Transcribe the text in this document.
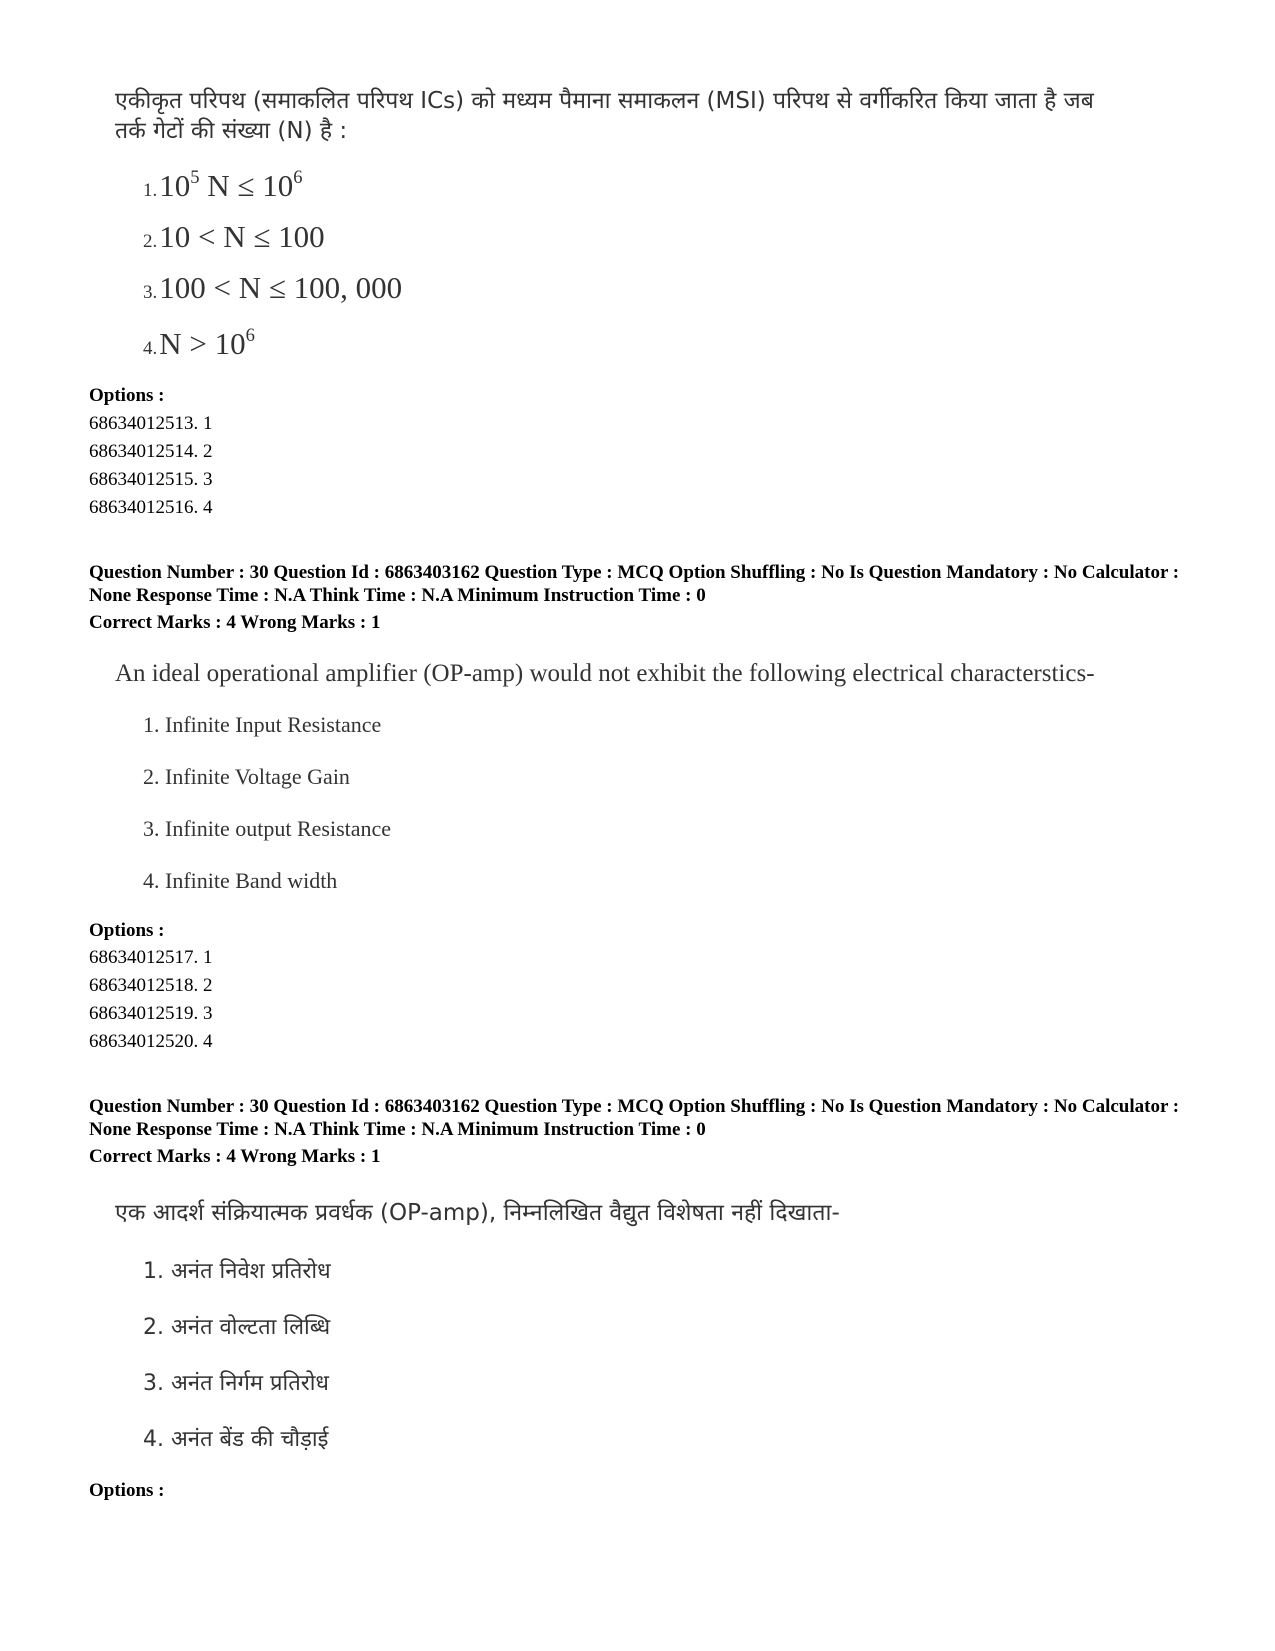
एकीकृत परिपथ (समाकलित परिपथ ICs) को मध्यम पैमाना समाकलन (MSI) परिपथ से वर्गीकरित किया जाता है जब तर्क गेटों की संख्या (N) है :
1.10$^5$ $N \le 10^6$
2.10 < N ≤ 100
3.100 < N ≤ 100, 000
$4.N > 10^6$
Options :
68634012513. 1
68634012514. 2
68634012515. 3
68634012516. 4
Question Number : 30 Question Id : 6863403162 Question Type : MCQ Option Shuffling : No Is Question Mandatory : No Calculator : None Response Time : N.A Think Time : N.A Minimum Instruction Time : 0
Correct Marks : 4 Wrong Marks : 1
An ideal operational amplifier (OP-amp) would not exhibit the following electrical characterstics-
1. Infinite Input Resistance
2. Infinite Voltage Gain
3. Infinite output Resistance
4. Infinite Band width
Options :
68634012517. 1
68634012518. 2
68634012519. 3
68634012520. 4
Question Number : 30 Question Id : 6863403162 Question Type : MCQ Option Shuffling : No Is Question Mandatory : No Calculator : None Response Time : N.A Think Time : N.A Minimum Instruction Time : 0
Correct Marks : 4 Wrong Marks : 1
एक आदर्श संक्रियात्मक प्रवर्धक (OP-amp), निम्नलिखित वैद्युत विशेषता नहीं दिखाता-
1. अनंत निवेश प्रतिरोध
2. अनंत वोल्टता लिब्धि
3. अनंत निर्गम प्रतिरोध
4. अनंत बेंड की चौड़ाई
Options :
